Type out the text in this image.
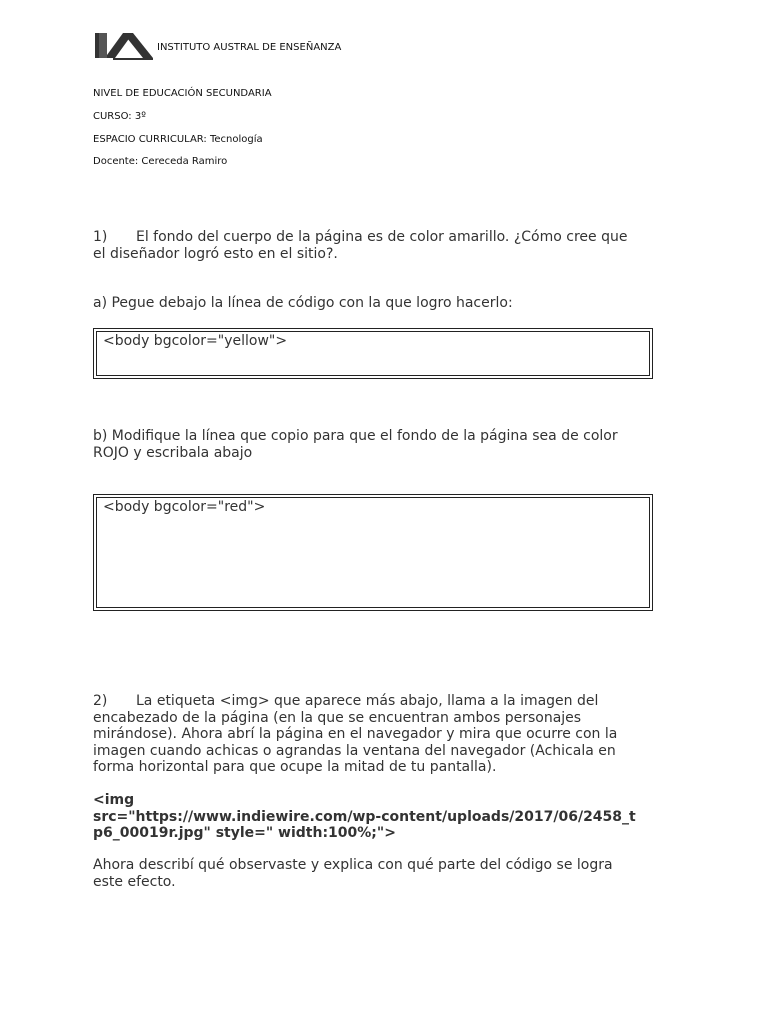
INSTITUTO AUSTRAL DE ENSEÑANZA
NIVEL DE EDUCACIÓN SECUNDARIA
CURSO: 3º
ESPACIO CURRICULAR: Tecnología
Docente: Cereceda Ramiro
1) El fondo del cuerpo de la página es de color amarillo. ¿Cómo cree que
el diseñador logró esto en el sitio?.
a) Pegue debajo la línea de código con la que logro hacerlo:
<body bgcolor="yellow">
b) Modifique la línea que copio para que el fondo de la página sea de color
ROJO y escribala abajo
<body bgcolor="red">
2) La etiqueta <img> que aparece más abajo, llama a la imagen del
encabezado de la página (en la que se encuentran ambos personajes
mirándose). Ahora abrí la página en el navegador y mira que ocurre con la
imagen cuando achicas o agrandas la ventana del navegador (Achicala en
forma horizontal para que ocupe la mitad de tu pantalla).
<img
src="https://www.indiewire.com/wp-content/uploads/2017/06/2458_t
p6_00019r.jpg" style=" width:100%;">
Ahora describí qué observaste y explica con qué parte del código se logra
este efecto.
